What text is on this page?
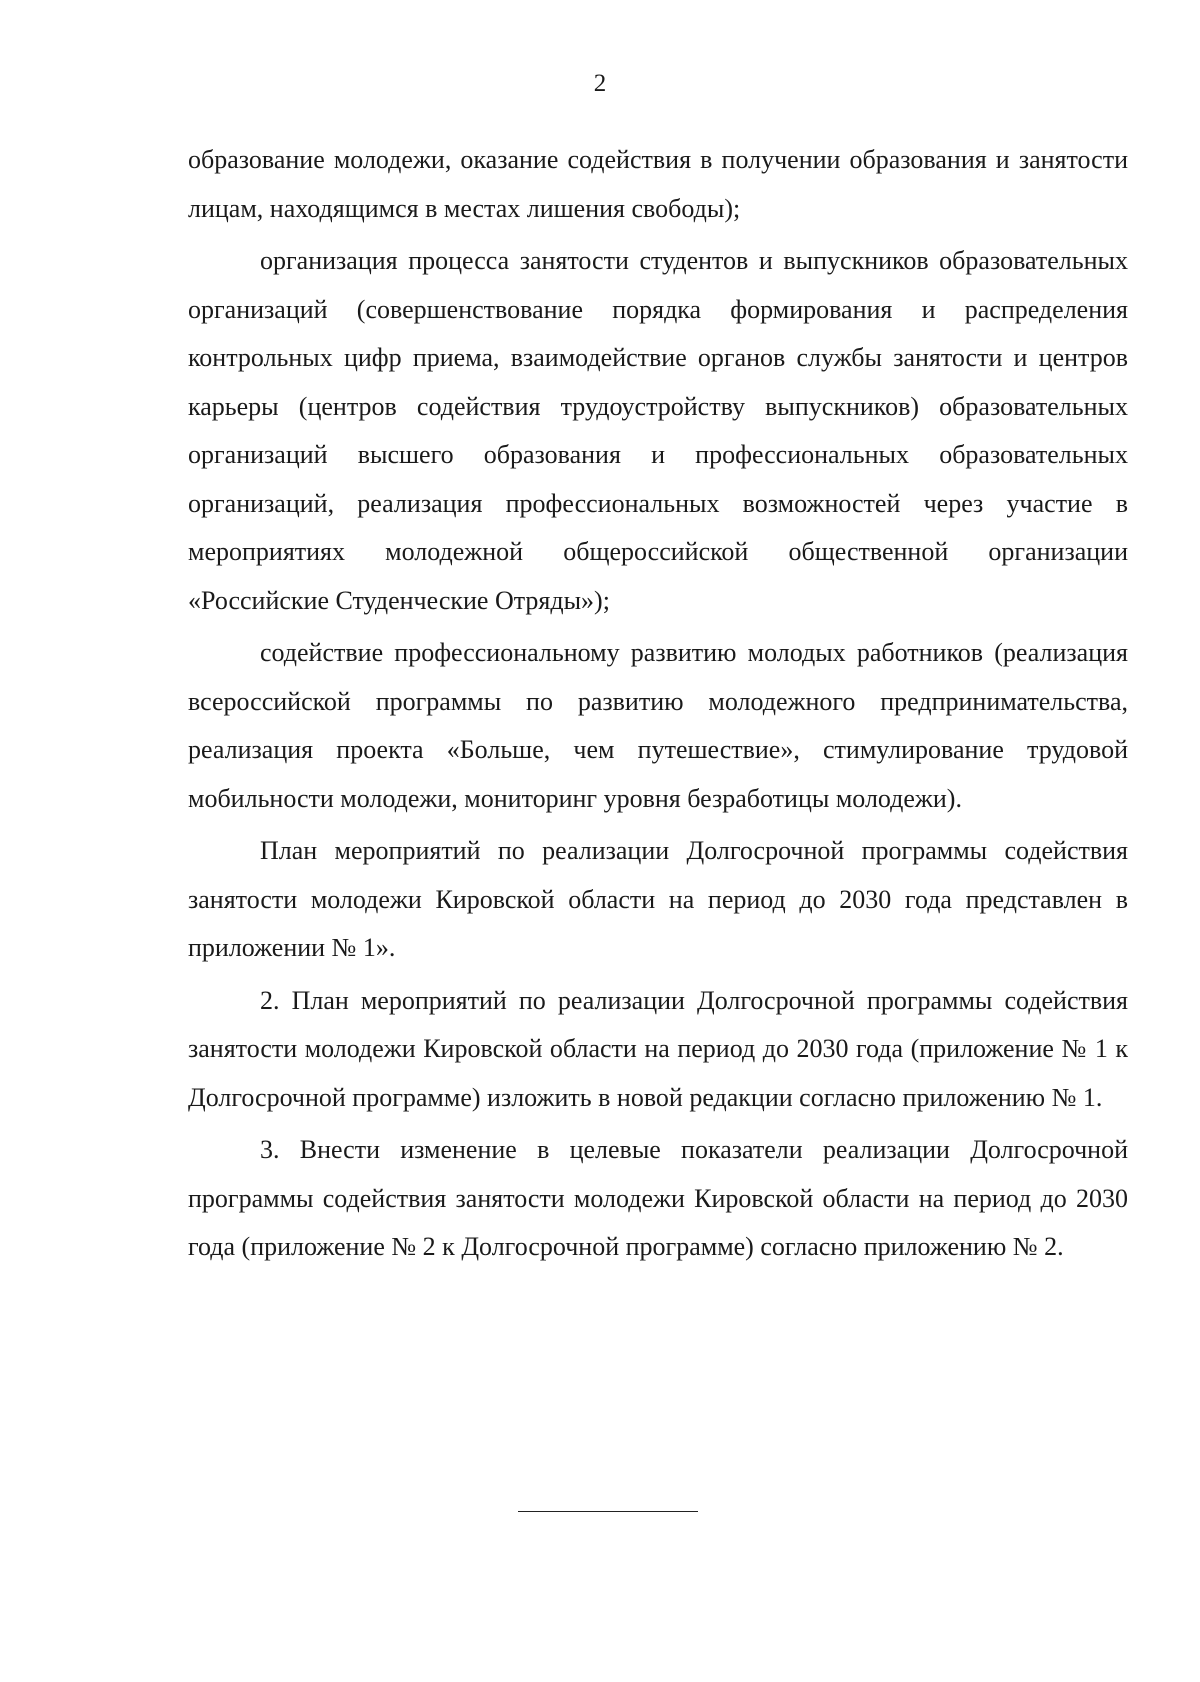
2

образование молодежи, оказание содействия в получении образования и занятости лицам, находящимся в местах лишения свободы);

организация процесса занятости студентов и выпускников образовательных организаций (совершенствование порядка формирования и распределения контрольных цифр приема, взаимодействие органов службы занятости и центров карьеры (центров содействия трудоустройству выпускников) образовательных организаций высшего образования и профессиональных образовательных организаций, реализация профессиональных возможностей через участие в мероприятиях молодежной общероссийской общественной организации «Российские Студенческие Отряды»);

содействие профессиональному развитию молодых работников (реализация всероссийской программы по развитию молодежного предпринимательства, реализация проекта «Больше, чем путешествие», стимулирование трудовой мобильности молодежи, мониторинг уровня безработицы молодежи).

План мероприятий по реализации Долгосрочной программы содействия занятости молодежи Кировской области на период до 2030 года представлен в приложении № 1».

2. План мероприятий по реализации Долгосрочной программы содействия занятости молодежи Кировской области на период до 2030 года (приложение № 1 к Долгосрочной программе) изложить в новой редакции согласно приложению № 1.

3. Внести изменение в целевые показатели реализации Долгосрочной программы содействия занятости молодежи Кировской области на период до 2030 года (приложение № 2 к Долгосрочной программе) согласно приложению № 2.
